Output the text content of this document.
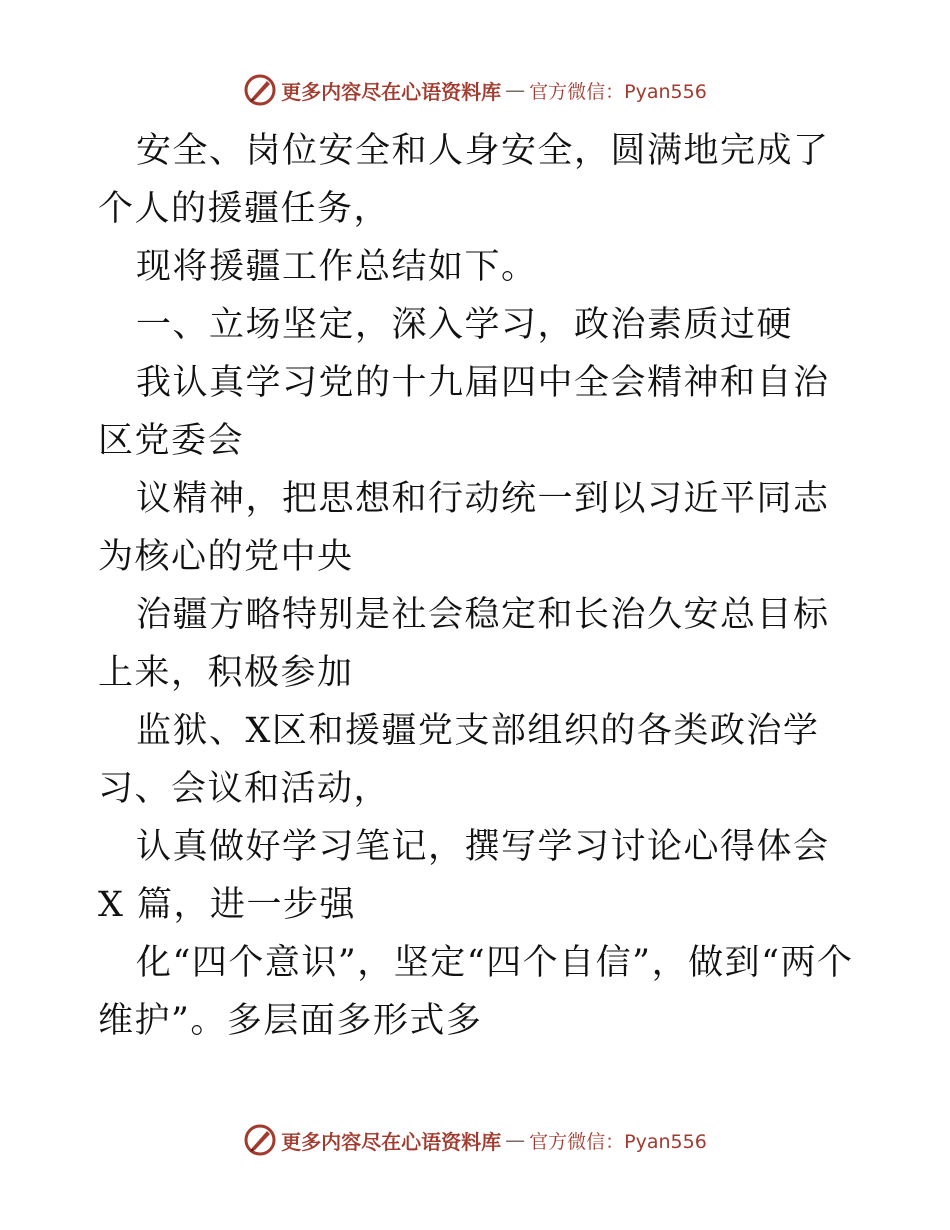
更多内容尽在心语资料库 — 官方微信：Pyan556

安全、岗位安全和人身安全，圆满地完成了个人的援疆任务，

现将援疆工作总结如下。

一、立场坚定，深入学习，政治素质过硬

我认真学习党的十九届四中全会精神和自治区党委会

议精神，把思想和行动统一到以习近平同志为核心的党中央

治疆方略特别是社会稳定和长治久安总目标上来，积极参加

监狱、X区和援疆党支部组织的各类政治学习、会议和活动，

认真做好学习笔记，撰写学习讨论心得体会 X 篇，进一步强

化“四个意识”，坚定“四个自信”，做到“两个维护”。多层面多形式多

更多内容尽在心语资料库 — 官方微信：Pyan556
